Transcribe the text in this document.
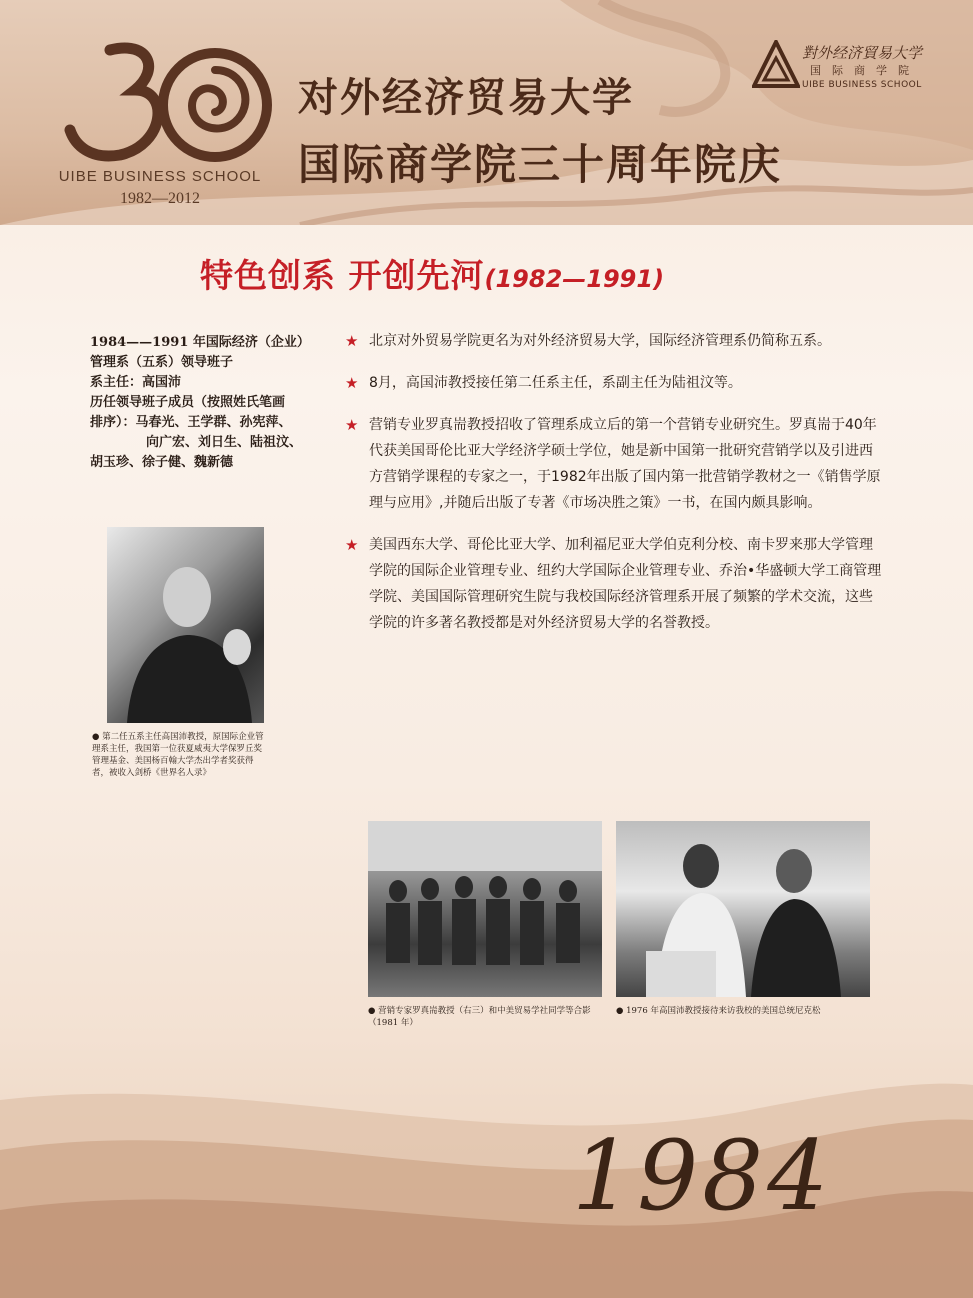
UIBE BUSINESS SCHOOL
1982—2012
对外经济贸易大学
国际商学院三十周年院庆
對外经济貿易大学
国际商学院
UIBE BUSINESS SCHOOL
特色创系 开创先河(1982—1991)
1984——1991 年国际经济（企业）
管理系（五系）领导班子
系主任：高国沛
历任领导班子成员（按照姓氏笔画
排序）：马春光、王学群、孙宪萍、
向广宏、刘日生、陆祖汶、
胡玉珍、徐子健、魏新德
● 第二任五系主任高国沛教授，原国际企业管理系主任，我国第一位获夏威夷大学保罗丘奖管理基金、美国杨百翰大学杰出学者奖获得者，被收入剑桥《世界名人录》
★ 北京对外贸易学院更名为对外经济贸易大学，国际经济管理系仍简称五系。
★ 8月，高国沛教授接任第二任系主任，系副主任为陆祖汶等。
★ 营销专业罗真耑教授招收了管理系成立后的第一个营销专业研究生。罗真耑于40年代获美国哥伦比亚大学经济学硕士学位，她是新中国第一批研究营销学以及引进西方营销学课程的专家之一，于1982年出版了国内第一批营销学教材之一《销售学原理与应用》,并随后出版了专著《市场决胜之策》一书，在国内颇具影响。
★ 美国西东大学、哥伦比亚大学、加利福尼亚大学伯克利分校、南卡罗来那大学管理学院的国际企业管理专业、纽约大学国际企业管理专业、乔治•华盛顿大学工商管理学院、美国国际管理研究生院与我校国际经济管理系开展了频繁的学术交流，这些学院的许多著名教授都是对外经济贸易大学的名誉教授。
● 营销专家罗真耑教授（右三）和中美贸易学社同学等合影（1981 年）
● 1976 年高国沛教授接待来访我校的美国总统尼克松
1984
